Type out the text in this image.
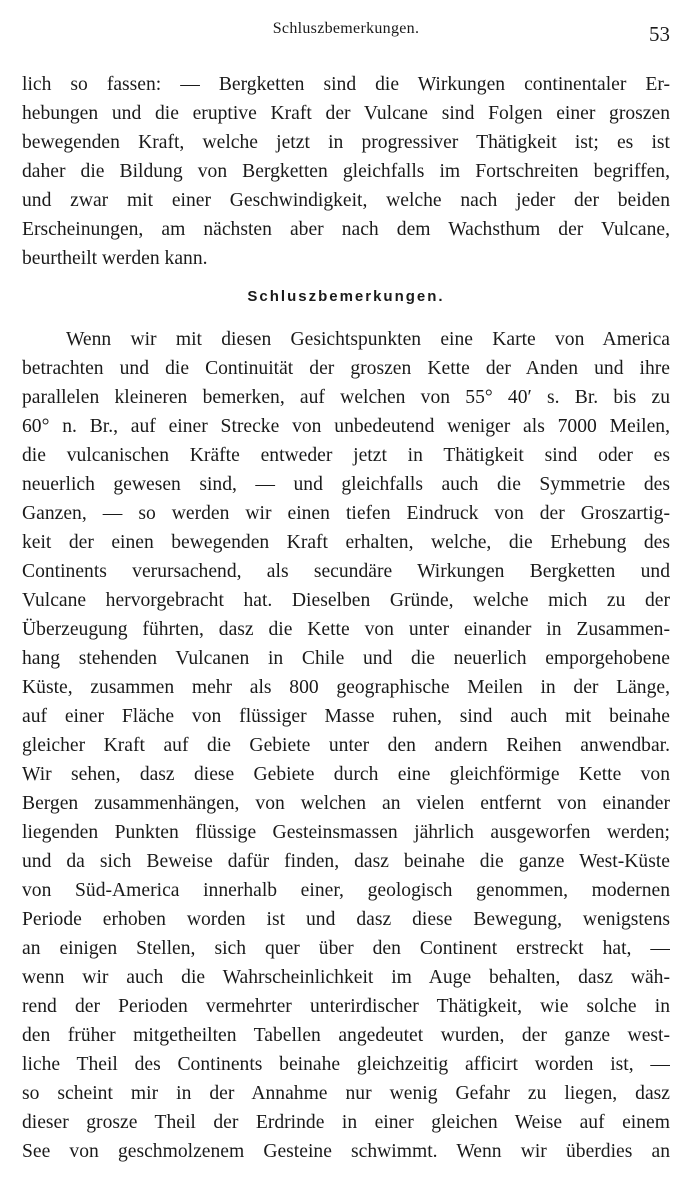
Schluszbemerkungen.	53
lich so fassen: — Bergketten sind die Wirkungen continentaler Er-
hebungen und die eruptive Kraft der Vulcane sind Folgen einer groszen
bewegenden Kraft, welche jetzt in progressiver Thätigkeit ist; es ist
daher die Bildung von Bergketten gleichfalls im Fortschreiten begriffen,
und zwar mit einer Geschwindigkeit, welche nach jeder der beiden
Erscheinungen, am nächsten aber nach dem Wachsthum der Vulcane,
beurtheilt werden kann.
Schluszbemerkungen.
Wenn wir mit diesen Gesichtspunkten eine Karte von America
betrachten und die Continuität der groszen Kette der Anden und ihre
parallelen kleineren bemerken, auf welchen von 55° 40′ s. Br. bis zu
60° n. Br., auf einer Strecke von unbedeutend weniger als 7000 Meilen,
die vulcanischen Kräfte entweder jetzt in Thätigkeit sind oder es
neuerlich gewesen sind, — und gleichfalls auch die Symmetrie des
Ganzen, — so werden wir einen tiefen Eindruck von der Groszartig-
keit der einen bewegenden Kraft erhalten, welche, die Erhebung des
Continents verursachend, als secundäre Wirkungen Bergketten und
Vulcane hervorgebracht hat. Dieselben Gründe, welche mich zu der
Überzeugung führten, dasz die Kette von unter einander in Zusammen-
hang stehenden Vulcanen in Chile und die neuerlich emporgehobene
Küste, zusammen mehr als 800 geographische Meilen in der Länge,
auf einer Fläche von flüssiger Masse ruhen, sind auch mit beinahe
gleicher Kraft auf die Gebiete unter den andern Reihen anwendbar.
Wir sehen, dasz diese Gebiete durch eine gleichförmige Kette von
Bergen zusammenhängen, von welchen an vielen entfernt von einander
liegenden Punkten flüssige Gesteinsmassen jährlich ausgeworfen werden;
und da sich Beweise dafür finden, dasz beinahe die ganze West-Küste
von Süd-America innerhalb einer, geologisch genommen, modernen
Periode erhoben worden ist und dasz diese Bewegung, wenigstens
an einigen Stellen, sich quer über den Continent erstreckt hat, —
wenn wir auch die Wahrscheinlichkeit im Auge behalten, dasz wäh-
rend der Perioden vermehrter unterirdischer Thätigkeit, wie solche in
den früher mitgetheilten Tabellen angedeutet wurden, der ganze west-
liche Theil des Continents beinahe gleichzeitig afficirt worden ist, —
so scheint mir in der Annahme nur wenig Gefahr zu liegen, dasz
dieser grosze Theil der Erdrinde in einer gleichen Weise auf einem
See von geschmolzenem Gesteine schwimmt. Wenn wir überdies an
